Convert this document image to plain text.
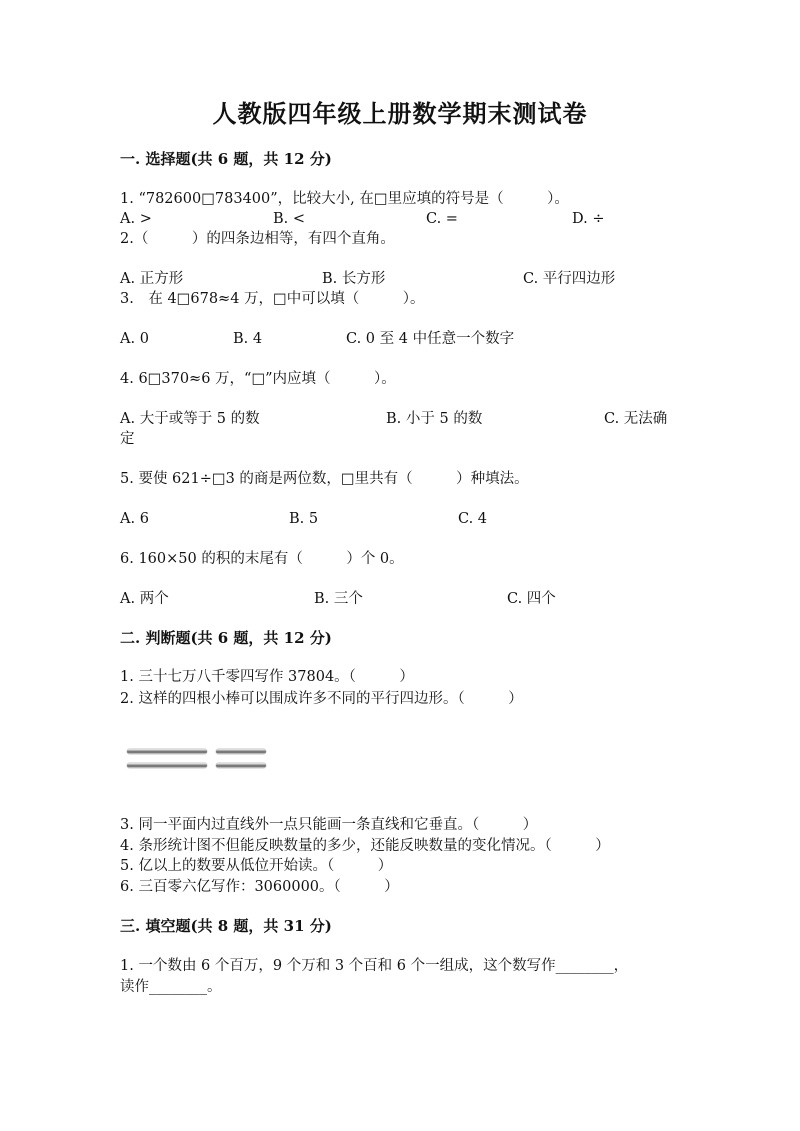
人教版四年级上册数学期末测试卷
一. 选择题(共 6 题，共 12 分)
1. “782600□783400”，比较大小, 在□里应填的符号是（　　　）。
A. >	B. <	C. =	D. ÷
2.（　　　）的四条边相等，有四个直角。
A. 正方形	B. 长方形	C. 平行四边形
3.　在 4□678≈4 万，□中可以填（　　　）。
A. 0	B. 4	C. 0 至 4 中任意一个数字
4. 6□370≈6 万，“□”内应填（　　　）。
A. 大于或等于 5 的数	B. 小于 5 的数	C. 无法确
定
5. 要使 621÷□3 的商是两位数，□里共有（　　　）种填法。
A. 6	B. 5	C. 4
6. 160×50 的积的末尾有（　　　）个 0。
A. 两个	B. 三个	C. 四个
二. 判断题(共 6 题，共 12 分)
1. 三十七万八千零四写作 37804。（　　　）
2. 这样的四根小棒可以围成许多不同的平行四边形。（　　　）
3. 同一平面内过直线外一点只能画一条直线和它垂直。（　　　）
4. 条形统计图不但能反映数量的多少，还能反映数量的变化情况。（　　　）
5. 亿以上的数要从低位开始读。（　　　）
6. 三百零六亿写作：3060000。（　　　）
三. 填空题(共 8 题，共 31 分)
1. 一个数由 6 个百万，9 个万和 3 个百和 6 个一组成，这个数写作________，
读作________。
